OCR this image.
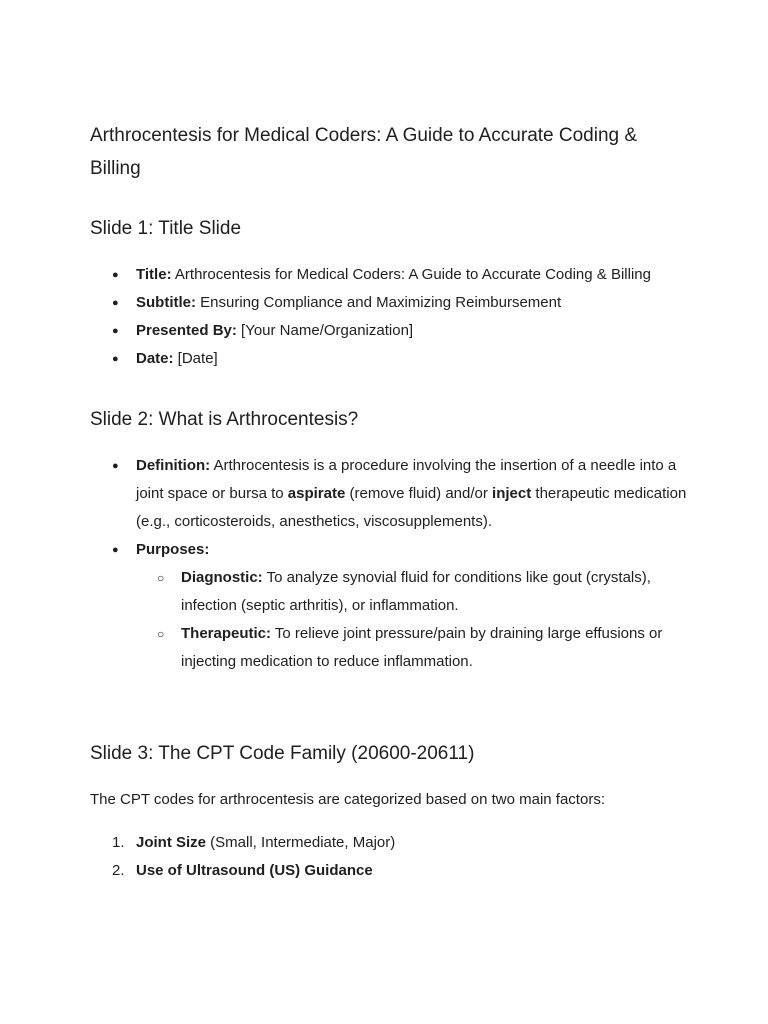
Arthrocentesis for Medical Coders: A Guide to Accurate Coding & Billing
Slide 1: Title Slide
● Title: Arthrocentesis for Medical Coders: A Guide to Accurate Coding & Billing
● Subtitle: Ensuring Compliance and Maximizing Reimbursement
● Presented By: [Your Name/Organization]
● Date: [Date]
Slide 2: What is Arthrocentesis?
● Definition: Arthrocentesis is a procedure involving the insertion of a needle into a joint space or bursa to aspirate (remove fluid) and/or inject therapeutic medication (e.g., corticosteroids, anesthetics, viscosupplements).
● Purposes:
○ Diagnostic: To analyze synovial fluid for conditions like gout (crystals), infection (septic arthritis), or inflammation.
○ Therapeutic: To relieve joint pressure/pain by draining large effusions or injecting medication to reduce inflammation.
Slide 3: The CPT Code Family (20600-20611)

The CPT codes for arthrocentesis are categorized based on two main factors:

1. Joint Size (Small, Intermediate, Major)
2. Use of Ultrasound (US) Guidance
